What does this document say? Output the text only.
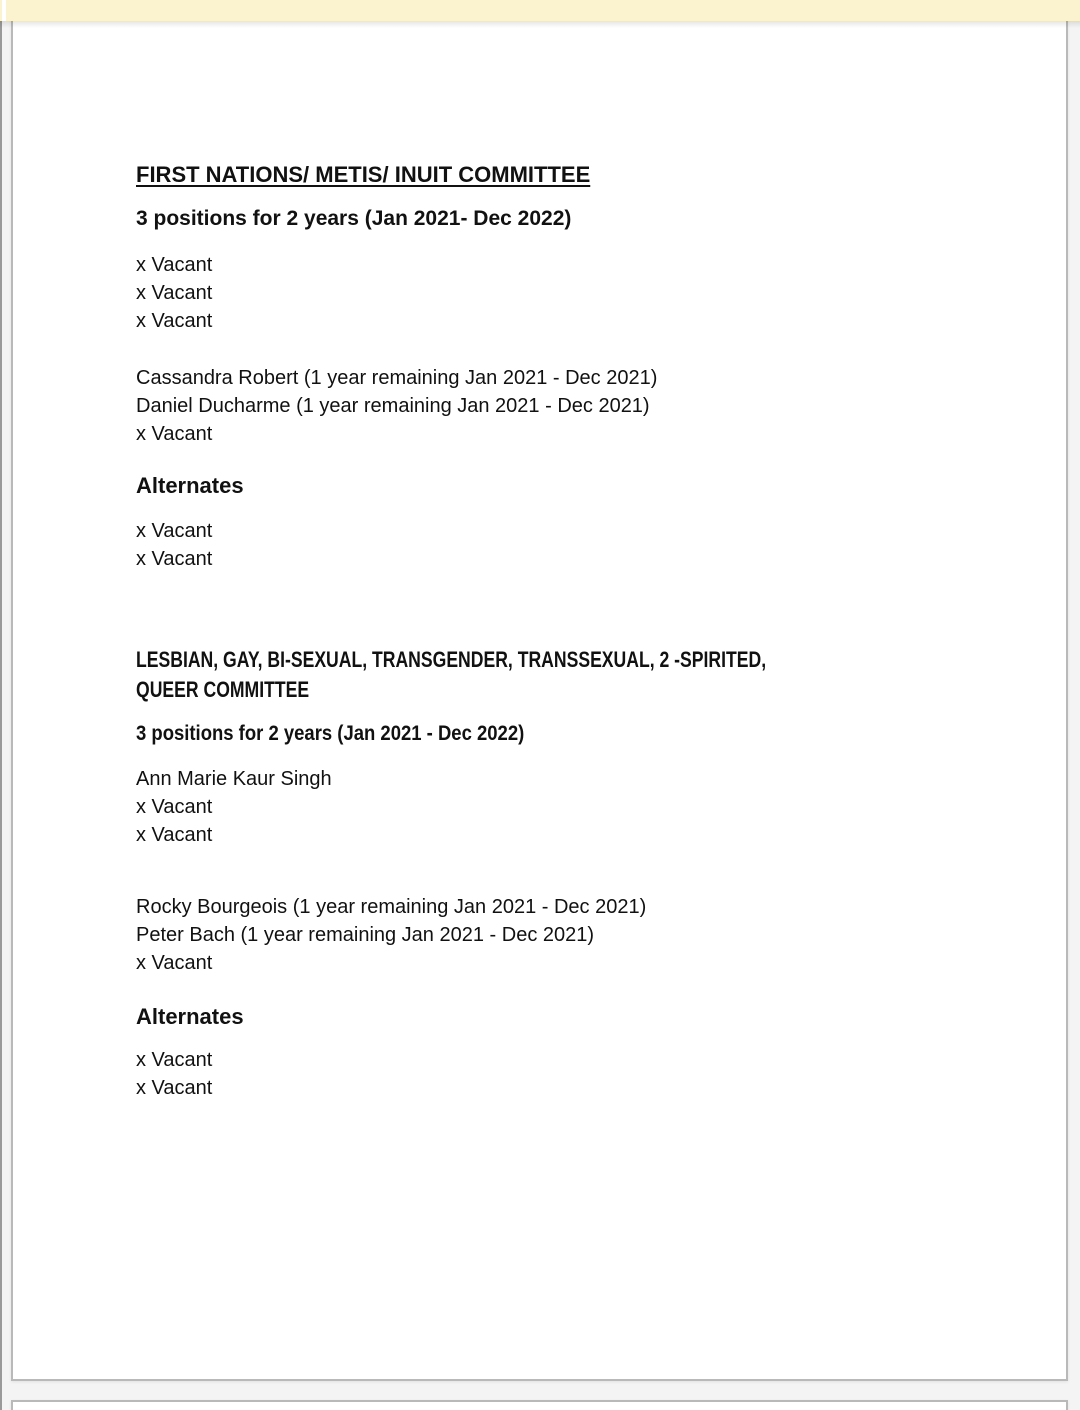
FIRST NATIONS/ METIS/ INUIT COMMITTEE

3 positions for 2 years (Jan 2021- Dec 2022)

x Vacant
x Vacant
x Vacant
Cassandra Robert (1 year remaining Jan 2021 - Dec 2021)
Daniel Ducharme (1 year remaining Jan 2021 - Dec 2021)
x Vacant
Alternates
x Vacant
x Vacant
LESBIAN, GAY, BI-SEXUAL, TRANSGENDER, TRANSSEXUAL, 2 -SPIRITED,
QUEER COMMITTEE

3 positions for 2 years (Jan 2021 - Dec 2022)

Ann Marie Kaur Singh
x Vacant
x Vacant
Rocky Bourgeois (1 year remaining Jan 2021 - Dec 2021)
Peter Bach (1 year remaining Jan 2021 - Dec 2021)
x Vacant
Alternates
x Vacant
x Vacant
